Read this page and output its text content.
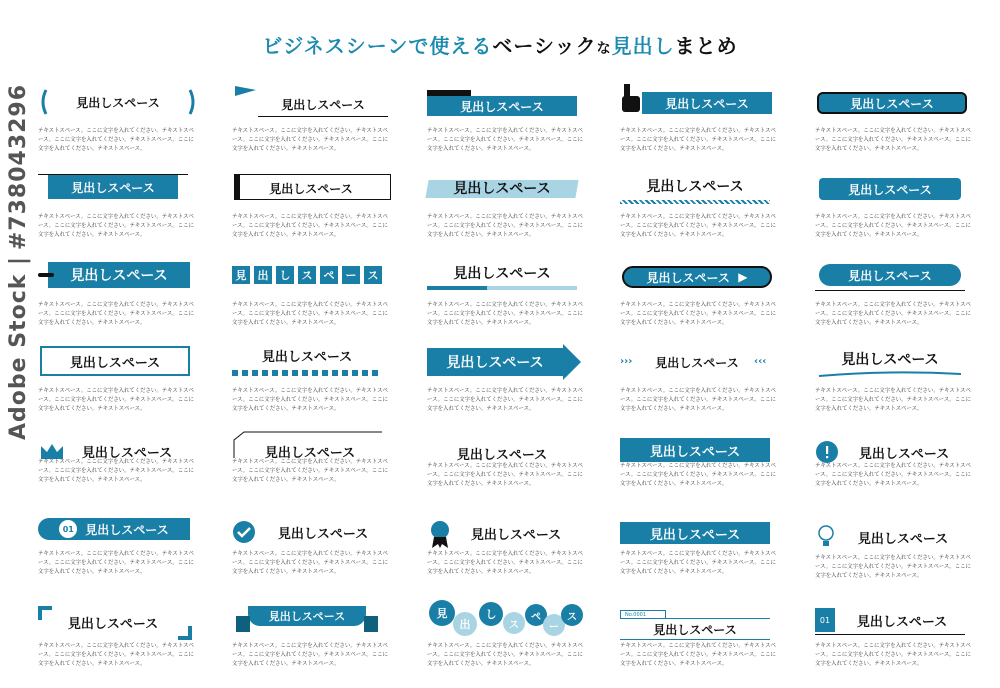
ビジネスシーンで使えるベーシックな見出しまとめ
Adobe Stock | #738043296	見出しスペース
テキストスペース。ここに文字を入れてください。テキストスペース。ここに文字を入れてください。テキストスペース。ここに文字を入れてください。テキストスペース。
見出しスペース
テキストスペース。ここに文字を入れてください。テキストスペース。ここに文字を入れてください。テキストスペース。ここに文字を入れてください。テキストスペース。
見出しスペース
テキストスペース。ここに文字を入れてください。テキストスペース。ここに文字を入れてください。テキストスペース。ここに文字を入れてください。テキストスペース。
見出しスペース
テキストスペース。ここに文字を入れてください。テキストスペース。ここに文字を入れてください。テキストスペース。ここに文字を入れてください。テキストスペース。
見出しスペース
テキストスペース。ここに文字を入れてください。テキストスペース。ここに文字を入れてください。テキストスペース。ここに文字を入れてください。テキストスペース。
見出しスペース
テキストスペース。ここに文字を入れてください。テキストスペース。ここに文字を入れてください。テキストスペース。ここに文字を入れてください。テキストスペース。
見出しスペース
テキストスペース。ここに文字を入れてください。テキストスペース。ここに文字を入れてください。テキストスペース。ここに文字を入れてください。テキストスペース。
見出しスペース
テキストスペース。ここに文字を入れてください。テキストスペース。ここに文字を入れてください。テキストスペース。ここに文字を入れてください。テキストスペース。
見出しスペース
テキストスペース。ここに文字を入れてください。テキストスペース。ここに文字を入れてください。テキストスペース。ここに文字を入れてください。テキストスペース。
見出しスペース
テキストスペース。ここに文字を入れてください。テキストスペース。ここに文字を入れてください。テキストスペース。ここに文字を入れてください。テキストスペース。
見出しスペース
テキストスペース。ここに文字を入れてください。テキストスペース。ここに文字を入れてください。テキストスペース。ここに文字を入れてください。テキストスペース。
見	出	し	ス	ペ	ー	ス
テキストスペース。ここに文字を入れてください。テキストスペース。ここに文字を入れてください。テキストスペース。ここに文字を入れてください。テキストスペース。
見出しスペース
テキストスペース。ここに文字を入れてください。テキストスペース。ここに文字を入れてください。テキストスペース。ここに文字を入れてください。テキストスペース。
見出しスペース
▶
テキストスペース。ここに文字を入れてください。テキストスペース。ここに文字を入れてください。テキストスペース。ここに文字を入れてください。テキストスペース。
見出しスペース
テキストスペース。ここに文字を入れてください。テキストスペース。ここに文字を入れてください。テキストスペース。ここに文字を入れてください。テキストスペース。
見出しスペース
テキストスペース。ここに文字を入れてください。テキストスペース。ここに文字を入れてください。テキストスペース。ここに文字を入れてください。テキストスペース。
見出しスペース
テキストスペース。ここに文字を入れてください。テキストスペース。ここに文字を入れてください。テキストスペース。ここに文字を入れてください。テキストスペース。
見出しスペース
テキストスペース。ここに文字を入れてください。テキストスペース。ここに文字を入れてください。テキストスペース。ここに文字を入れてください。テキストスペース。
›››	見出しスペース	‹‹‹
テキストスペース。ここに文字を入れてください。テキストスペース。ここに文字を入れてください。テキストスペース。ここに文字を入れてください。テキストスペース。
見出しスペース
テキストスペース。ここに文字を入れてください。テキストスペース。ここに文字を入れてください。テキストスペース。ここに文字を入れてください。テキストスペース。
見出しスペース
テキストスペース。ここに文字を入れてください。テキストスペース。ここに文字を入れてください。テキストスペース。ここに文字を入れてください。テキストスペース。
見出しスペース
テキストスペース。ここに文字を入れてください。テキストスペース。ここに文字を入れてください。テキストスペース。ここに文字を入れてください。テキストスペース。
見出しスペース
テキストスペース。ここに文字を入れてください。テキストスペース。ここに文字を入れてください。テキストスペース。ここに文字を入れてください。テキストスペース。
見出しスペース
テキストスペース。ここに文字を入れてください。テキストスペース。ここに文字を入れてください。テキストスペース。ここに文字を入れてください。テキストスペース。
見出しスペース
テキストスペース。ここに文字を入れてください。テキストスペース。ここに文字を入れてください。テキストスペース。ここに文字を入れてください。テキストスペース。
01 見出しスペース
テキストスペース。ここに文字を入れてください。テキストスペース。ここに文字を入れてください。テキストスペース。ここに文字を入れてください。テキストスペース。
見出しスペース
テキストスペース。ここに文字を入れてください。テキストスペース。ここに文字を入れてください。テキストスペース。ここに文字を入れてください。テキストスペース。
見出しスペース
テキストスペース。ここに文字を入れてください。テキストスペース。ここに文字を入れてください。テキストスペース。ここに文字を入れてください。テキストスペース。
見出しスペース
テキストスペース。ここに文字を入れてください。テキストスペース。ここに文字を入れてください。テキストスペース。ここに文字を入れてください。テキストスペース。
見出しスペース
テキストスペース。ここに文字を入れてください。テキストスペース。ここに文字を入れてください。テキストスペース。ここに文字を入れてください。テキストスペース。
見出しスペース
テキストスペース。ここに文字を入れてください。テキストスペース。ここに文字を入れてください。テキストスペース。ここに文字を入れてください。テキストスペース。
見出しスペース
テキストスペース。ここに文字を入れてください。テキストスペース。ここに文字を入れてください。テキストスペース。ここに文字を入れてください。テキストスペース。
見
出
し
ス
ペ
ー
ス
テキストスペース。ここに文字を入れてください。テキストスペース。ここに文字を入れてください。テキストスペース。ここに文字を入れてください。テキストスペース。
No.0001
見出しスペース
テキストスペース。ここに文字を入れてください。テキストスペース。ここに文字を入れてください。テキストスペース。ここに文字を入れてください。テキストスペース。
01	見出しスペース
テキストスペース。ここに文字を入れてください。テキストスペース。ここに文字を入れてください。テキストスペース。ここに文字を入れてください。テキストスペース。
